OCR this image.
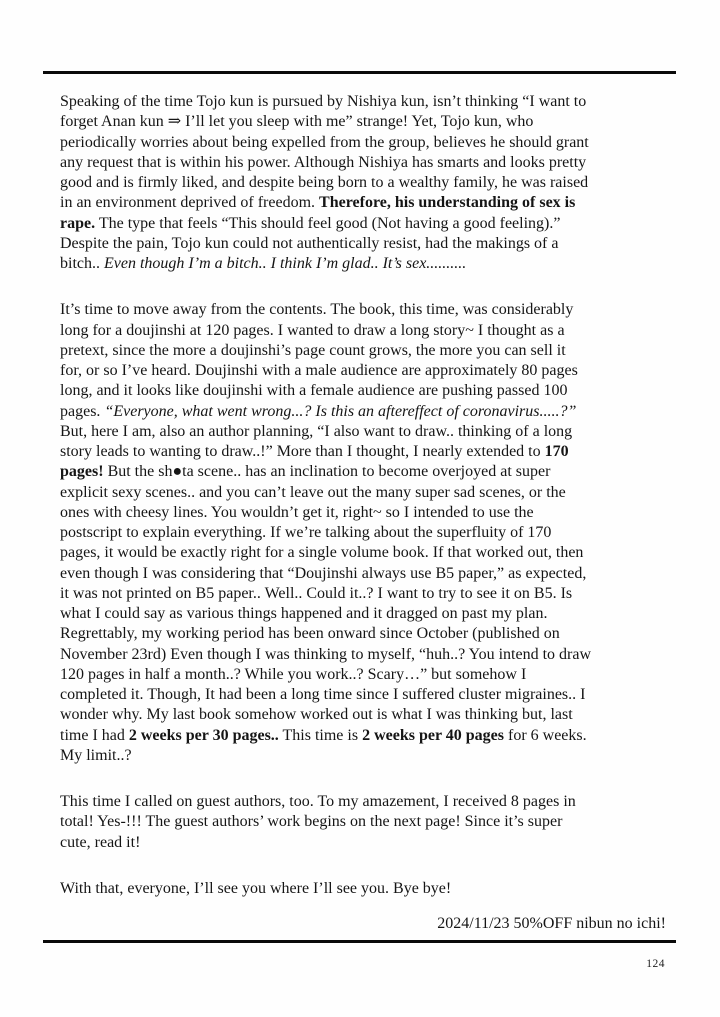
Speaking of the time Tojo kun is pursued by Nishiya kun, isn’t thinking “I want to
forget Anan kun ⇒ I’ll let you sleep with me” strange! Yet, Tojo kun, who
periodically worries about being expelled from the group, believes he should grant
any request that is within his power. Although Nishiya has smarts and looks pretty
good and is firmly liked, and despite being born to a wealthy family, he was raised
in an environment deprived of freedom. Therefore, his understanding of sex is
rape. The type that feels “This should feel good (Not having a good feeling).”
Despite the pain, Tojo kun could not authentically resist, had the makings of a
bitch.. Even though I’m a bitch.. I think I’m glad.. It’s sex..........
It’s time to move away from the contents. The book, this time, was considerably
long for a doujinshi at 120 pages. I wanted to draw a long story~ I thought as a
pretext, since the more a doujinshi’s page count grows, the more you can sell it
for, or so I’ve heard. Doujinshi with a male audience are approximately 80 pages
long, and it looks like doujinshi with a female audience are pushing passed 100
pages. “Everyone, what went wrong...? Is this an aftereffect of coronavirus.....?”
But, here I am, also an author planning, “I also want to draw.. thinking of a long
story leads to wanting to draw..!” More than I thought, I nearly extended to 170
pages! But the sh●ta scene.. has an inclination to become overjoyed at super
explicit sexy scenes.. and you can’t leave out the many super sad scenes, or the
ones with cheesy lines. You wouldn’t get it, right~ so I intended to use the
postscript to explain everything. If we’re talking about the superfluity of 170
pages, it would be exactly right for a single volume book. If that worked out, then
even though I was considering that “Doujinshi always use B5 paper,” as expected,
it was not printed on B5 paper.. Well.. Could it..? I want to try to see it on B5. Is
what I could say as various things happened and it dragged on past my plan.
Regrettably, my working period has been onward since October (published on
November 23rd) Even though I was thinking to myself, “huh..? You intend to draw
120 pages in half a month..? While you work..? Scary…” but somehow I
completed it. Though, It had been a long time since I suffered cluster migraines.. I
wonder why. My last book somehow worked out is what I was thinking but, last
time I had 2 weeks per 30 pages.. This time is 2 weeks per 40 pages for 6 weeks.
My limit..?
This time I called on guest authors, too. To my amazement, I received 8 pages in
total! Yes-!!! The guest authors’ work begins on the next page! Since it’s super
cute, read it!
With that, everyone, I’ll see you where I’ll see you. Bye bye!
2024/11/23 50%OFF nibun no ichi!
124
